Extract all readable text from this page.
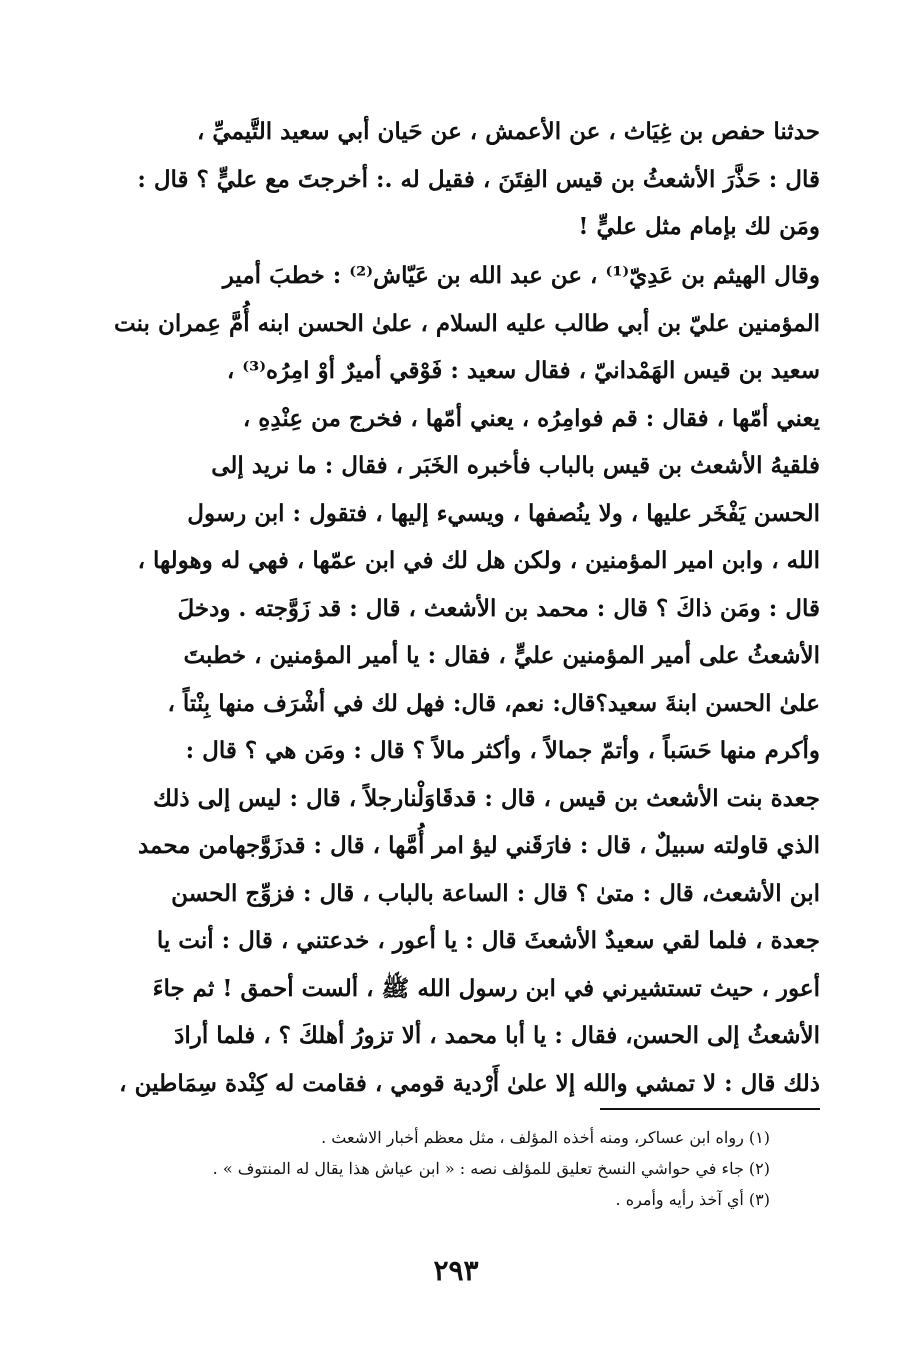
حدثنا حفص بن غِيَاث ، عن الأعمش ، عن حَيان أبي سعيد التَّيميِّ ،
قال : حَذَّرَ الأشعثُ بن قيس الفِتَنَ ، فقيل له .: أخرجتَ مع عليٍّ ؟ قال :
ومَن لك بإمام مثل عليٍّ !
وقال الهيثم بن عَدِيّ⁽¹⁾ ، عن عبد الله بن عَيّاش⁽²⁾ : خطبَ أمير
المؤمنين عليّ بن أبي طالب عليه السلام ، علىٰ الحسن ابنه أُمَّ عِمران بنت
سعيد بن قيس الهَمْدانيّ ، فقال سعيد : فَوْقي أميرٌ أوْ امِرُه⁽³⁾ ،
يعني أمّها ، فقال : قم فوامِرُه ، يعني أمّها ، فخرج من عِنْدِهِ ،
فلقيهُ الأشعث بن قيس بالباب فأخبره الخَبَر ، فقال : ما نريد إلى
الحسن يَفْخَر عليها ، ولا ينُصفها ، ويسيء إليها ، فتقول : ابن رسول
الله ، وابن امير المؤمنين ، ولكن هل لك في ابن عمّها ، فهي له وهولها ،
قال : ومَن ذاكَ ؟ قال : محمد بن الأشعث ، قال : قد زَوَّجته . ودخلَ
الأشعثُ على أمير المؤمنين عليٍّ ، فقال : يا أمير المؤمنين ، خطبتَ
علىٰ الحسن ابنةَ سعيد؟قال: نعم، قال: فهل لك في أشْرَف منها بِنْتاً ،
وأكرم منها حَسَباً ، وأتمّ جمالاً ، وأكثر مالاً ؟ قال : ومَن هي ؟ قال :
جعدة بنت الأشعث بن قيس ، قال : قدقَاوَلْنارجلاً ، قال : ليس إلى ذلك
الذي قاولته سبيلٌ ، قال : فارَقَني ليؤ امر أُمَّها ، قال : قدزَوَّجهامن محمد
ابن الأشعث، قال : متىٰ ؟ قال : الساعة بالباب ، قال : فزوِّج الحسن
جعدة ، فلما لقي سعيدٌ الأشعثَ قال : يا أعور ، خدعتني ، قال : أنت يا
أعور ، حيث تستشيرني في ابن رسول الله ﷺ ، ألست أحمق ! ثم جاءَ
الأشعثُ إلى الحسن، فقال : يا أبا محمد ، ألا تزورُ أهلكَ ؟ ، فلما أرادَ
ذلك قال : لا تمشي والله إلا علىٰ أَرْدية قومي ، فقامت له كِنْدة سِمَاطين ،
(١) رواه ابن عساكر، ومنه أخذه المؤلف ، مثل معظم أخبار الاشعث .
(٢) جاء في حواشي النسخ تعليق للمؤلف نصه : « ابن عياش هذا يقال له المنتوف » .
(٣) أي آخذ رأيه وأمره .
٢٩٣
